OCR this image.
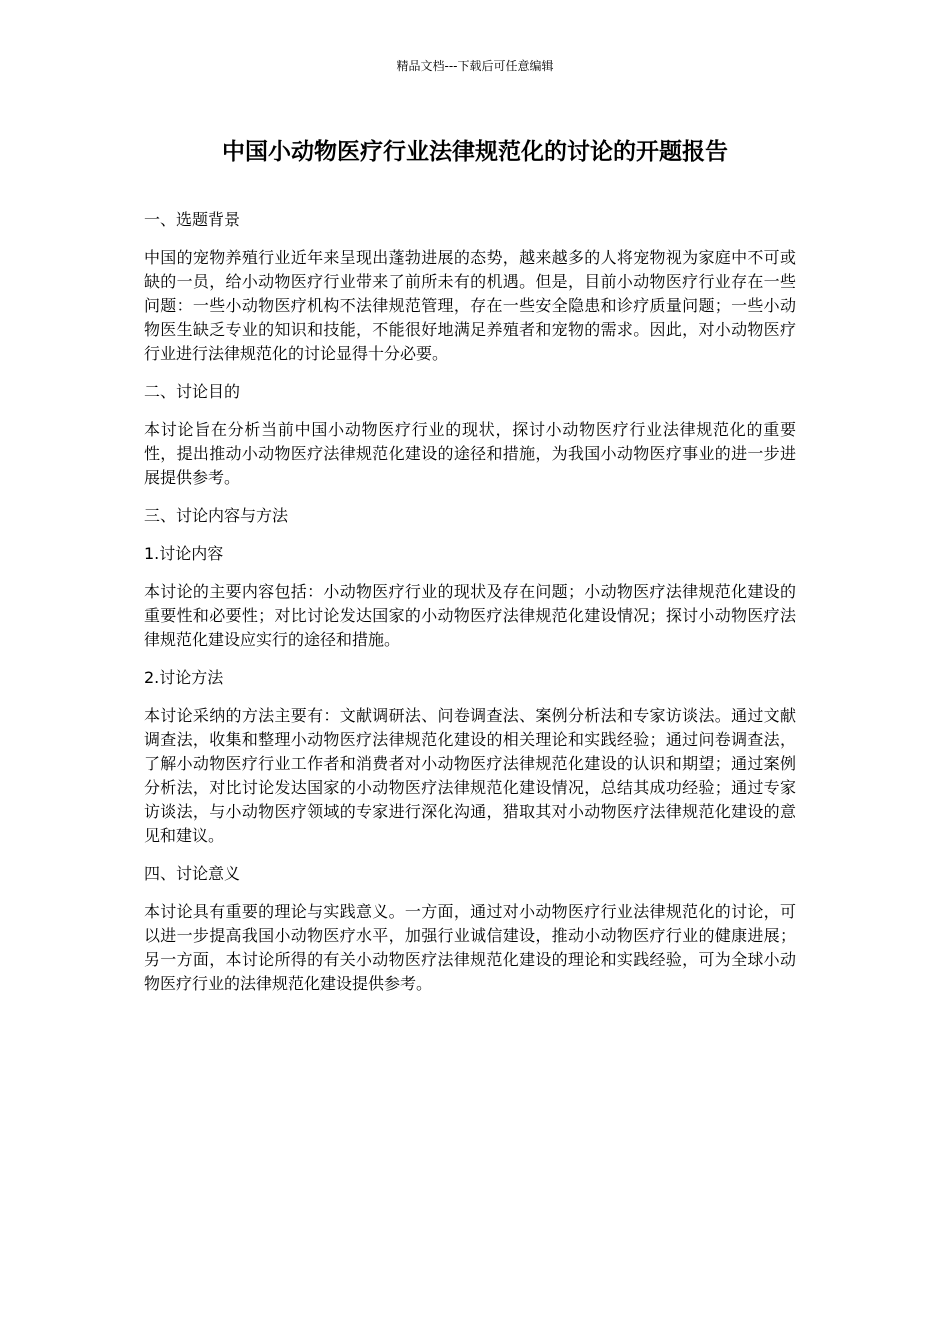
精品文档---下载后可任意编辑
中国小动物医疗行业法律规范化的讨论的开题报告

一、选题背景

中国的宠物养殖行业近年来呈现出蓬勃进展的态势，越来越多的人将宠物视为家庭中不可或缺的一员，给小动物医疗行业带来了前所未有的机遇。但是，目前小动物医疗行业存在一些问题：一些小动物医疗机构不法律规范管理，存在一些安全隐患和诊疗质量问题；一些小动物医生缺乏专业的知识和技能，不能很好地满足养殖者和宠物的需求。因此，对小动物医疗行业进行法律规范化的讨论显得十分必要。

二、讨论目的

本讨论旨在分析当前中国小动物医疗行业的现状，探讨小动物医疗行业法律规范化的重要性，提出推动小动物医疗法律规范化建设的途径和措施，为我国小动物医疗事业的进一步进展提供参考。

三、讨论内容与方法

1.讨论内容

本讨论的主要内容包括：小动物医疗行业的现状及存在问题；小动物医疗法律规范化建设的重要性和必要性；对比讨论发达国家的小动物医疗法律规范化建设情况；探讨小动物医疗法律规范化建设应实行的途径和措施。

2.讨论方法

本讨论采纳的方法主要有：文献调研法、问卷调查法、案例分析法和专家访谈法。通过文献调查法，收集和整理小动物医疗法律规范化建设的相关理论和实践经验；通过问卷调查法，了解小动物医疗行业工作者和消费者对小动物医疗法律规范化建设的认识和期望；通过案例分析法，对比讨论发达国家的小动物医疗法律规范化建设情况，总结其成功经验；通过专家访谈法，与小动物医疗领域的专家进行深化沟通，猎取其对小动物医疗法律规范化建设的意见和建议。

四、讨论意义

本讨论具有重要的理论与实践意义。一方面，通过对小动物医疗行业法律规范化的讨论，可以进一步提高我国小动物医疗水平，加强行业诚信建设，推动小动物医疗行业的健康进展；另一方面，本讨论所得的有关小动物医疗法律规范化建设的理论和实践经验，可为全球小动物医疗行业的法律规范化建设提供参考。
